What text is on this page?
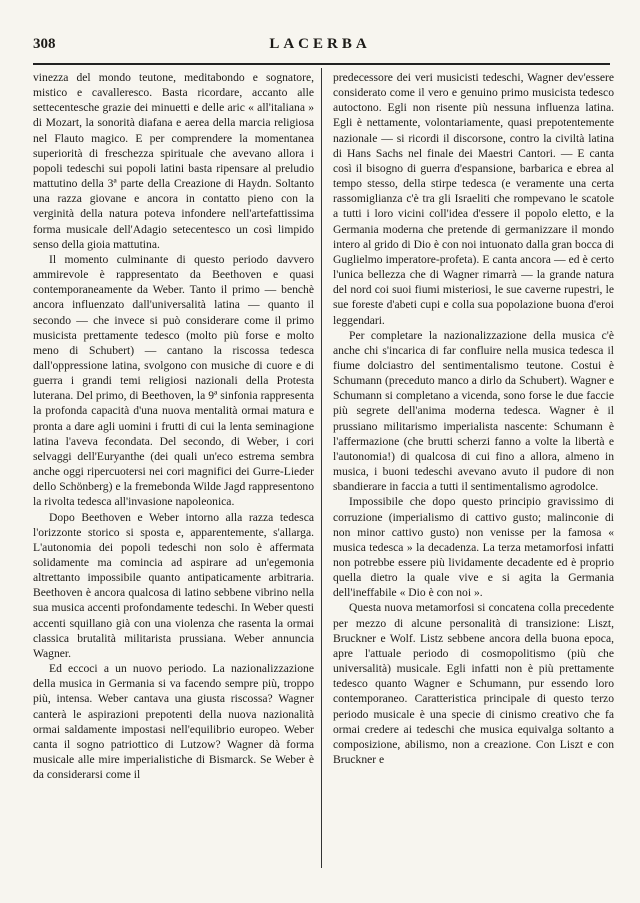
308	LACERBA

vinezza del mondo teutone, meditabondo e sognatore, mistico e cavalleresco. Basta ricordare, accanto alle settecentesche grazie dei minuetti e delle aric « all'italiana » di Mozart, la sonorità diafana e aerea della marcia religiosa nel Flauto magico. E per comprendere la momentanea superiorità di freschezza spirituale che avevano allora i popoli tedeschi sui popoli latini basta ripensare al preludio mattutino della 3ª parte della Creazione di Haydn. Soltanto una razza giovane e ancora in contatto pieno con la verginità della natura poteva infondere nell'artefattissima forma musicale dell'Adagio setecentesco un così limpido senso della gioia mattutina.

Il momento culminante di questo periodo davvero ammirevole è rappresentato da Beethoven e quasi contemporaneamente da Weber. Tanto il primo — benchè ancora influenzato dall'universalità latina — quanto il secondo — che invece si può considerare come il primo musicista prettamente tedesco (molto più forse e molto meno di Schubert) — cantano la riscossa tedesca dall'oppressione latina, svolgono con musiche di cuore e di guerra i grandi temi religiosi nazionali della Protesta luterana. Del primo, di Beethoven, la 9ª sinfonia rappresenta la profonda capacità d'una nuova mentalità ormai matura e pronta a dare agli uomini i frutti di cui la lenta seminagione latina l'aveva fecondata. Del secondo, di Weber, i cori selvaggi dell'Euryanthe (dei quali un'eco estrema sembra anche oggi ripercuotersi nei cori magnifici dei Gurre-Lieder dello Schönberg) e la fremebonda Wilde Jagd rappresentono la rivolta tedesca all'invasione napoleonica.

Dopo Beethoven e Weber intorno alla razza tedesca l'orizzonte storico si sposta e, apparentemente, s'allarga. L'autonomia dei popoli tedeschi non solo è affermata solidamente ma comincia ad aspirare ad un'egemonia altrettanto impossibile quanto antipaticamente arbitraria. Beethoven è ancora qualcosa di latino sebbene vibrino nella sua musica accenti profondamente tedeschi. In Weber questi accenti squillano già con una violenza che rasenta la ormai classica brutalità militarista prussiana. Weber annuncia Wagner.

Ed eccoci a un nuovo periodo. La nazionalizzazione della musica in Germania si va facendo sempre più, troppo più, intensa. Weber cantava una giusta riscossa? Wagner canterà le aspirazioni prepotenti della nuova nazionalità ormai saldamente impostasi nell'equilibrio europeo. Weber canta il sogno patriottico di Lutzow? Wagner dà forma musicale alle mire imperialistiche di Bismarck. Se Weber è da considerarsi come il

predecessore dei veri musicisti tedeschi, Wagner dev'essere considerato come il vero e genuino primo musicista tedesco autoctono. Egli non risente più nessuna influenza latina. Egli è nettamente, volontariamente, quasi prepotentemente nazionale — si ricordi il discorsone, contro la civiltà latina di Hans Sachs nel finale dei Maestri Cantori. — E canta così il bisogno di guerra d'espansione, barbarica e ebrea al tempo stesso, della stirpe tedesca (e veramente una certa rassomiglianza c'è tra gli Israeliti che rompevano le scatole a tutti i loro vicini coll'idea d'essere il popolo eletto, e la Germania moderna che pretende di germanizzare il mondo intero al grido di Dio è con noi intuonato dalla gran bocca di Guglielmo imperatore-profeta). E canta ancora — ed è certo l'unica bellezza che di Wagner rimarrà — la grande natura del nord coi suoi fiumi misteriosi, le sue caverne rupestri, le sue foreste d'abeti cupi e colla sua popolazione buona d'eroi leggendari.

Per completare la nazionalizzazione della musica c'è anche chi s'incarica di far confluire nella musica tedesca il fiume dolciastro del sentimentalismo teutone. Costui è Schumann (preceduto manco a dirlo da Schubert). Wagner e Schumann si completano a vicenda, sono forse le due faccie più segrete dell'anima moderna tedesca. Wagner è il prussiano militarismo imperialista nascente: Schumann è l'affermazione (che brutti scherzi fanno a volte la libertà e l'autonomia!) di qualcosa di cui fino a allora, almeno in musica, i buoni tedeschi avevano avuto il pudore di non sbandierare in faccia a tutti il sentimentalismo agrodolce.

Impossibile che dopo questo principio gravissimo di corruzione (imperialismo di cattivo gusto; malinconie di non minor cattivo gusto) non venisse per la famosa « musica tedesca » la decadenza. La terza metamorfosi infatti non potrebbe essere più lividamente decadente ed è proprio quella dietro la quale vive e si agita la Germania dell'ineffabile « Dio è con noi ».

Questa nuova metamorfosi si concatena colla precedente per mezzo di alcune personalità di transizione: Liszt, Bruckner e Wolf. Listz sebbene ancora della buona epoca, apre l'attuale periodo di cosmopolitismo (più che universalità) musicale. Egli infatti non è più prettamente tedesco quanto Wagner e Schumann, pur essendo loro contemporaneo. Caratteristica principale di questo terzo periodo musicale è una specie di cinismo creativo che fa ormai credere ai tedeschi che musica equivalga soltanto a composizione, abilismo, non a creazione. Con Liszt e con Bruckner e
